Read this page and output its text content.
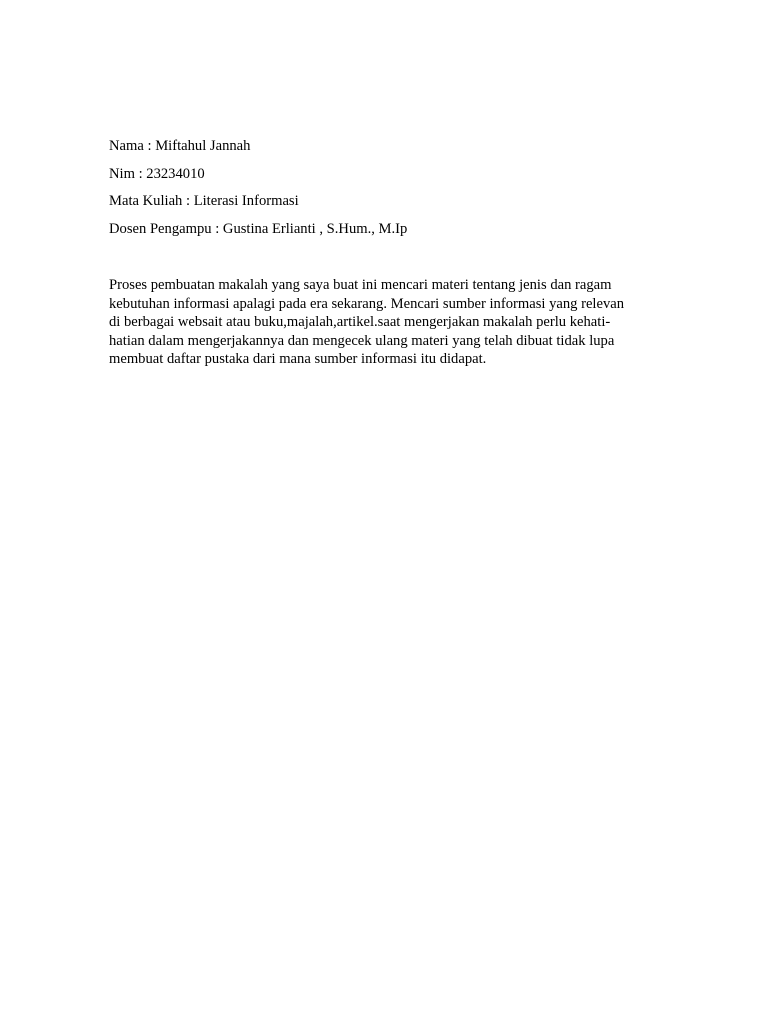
Nama : Miftahul Jannah
Nim : 23234010
Mata Kuliah : Literasi Informasi
Dosen Pengampu : Gustina Erlianti , S.Hum., M.Ip
Proses pembuatan makalah yang saya buat ini mencari materi tentang jenis dan ragam
kebutuhan informasi apalagi pada era sekarang. Mencari sumber informasi yang relevan
di berbagai websait atau buku,majalah,artikel.saat mengerjakan makalah perlu kehati-
hatian dalam mengerjakannya dan mengecek ulang materi yang telah dibuat tidak lupa
membuat daftar pustaka dari mana sumber informasi itu didapat.
